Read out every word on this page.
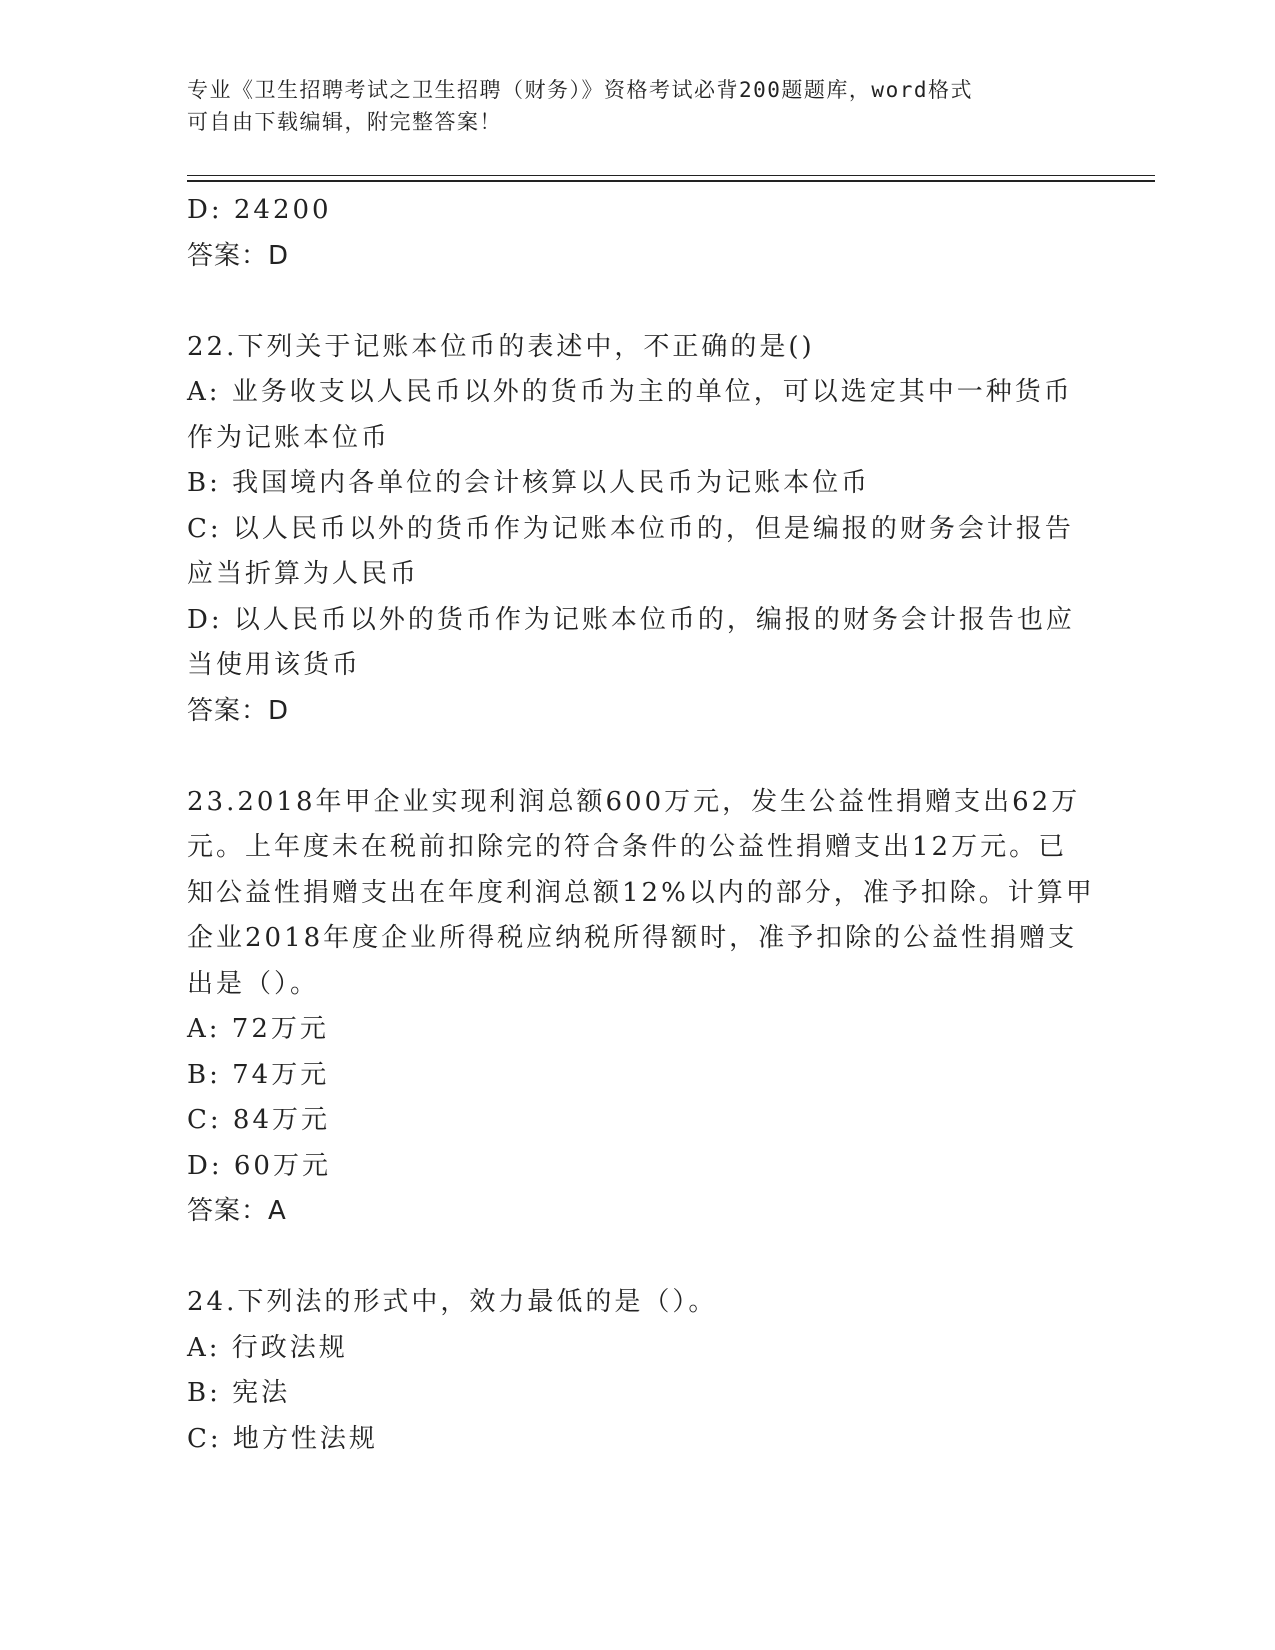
专业《卫生招聘考试之卫生招聘（财务）》资格考试必背200题题库，word格式
可自由下载编辑，附完整答案！
D: 24200
答案：D
22.下列关于记账本位币的表述中，不正确的是()
A: 业务收支以人民币以外的货币为主的单位，可以选定其中一种货币
作为记账本位币
B: 我国境内各单位的会计核算以人民币为记账本位币
C: 以人民币以外的货币作为记账本位币的，但是编报的财务会计报告
应当折算为人民币
D: 以人民币以外的货币作为记账本位币的，编报的财务会计报告也应
当使用该货币
答案：D
23.2018年甲企业实现利润总额600万元，发生公益性捐赠支出62万
元。上年度未在税前扣除完的符合条件的公益性捐赠支出12万元。已
知公益性捐赠支出在年度利润总额12%以内的部分，准予扣除。计算甲
企业2018年度企业所得税应纳税所得额时，准予扣除的公益性捐赠支
出是（）。
A: 72万元
B: 74万元
C: 84万元
D: 60万元
答案：A
24.下列法的形式中，效力最低的是（）。
A: 行政法规
B: 宪法
C: 地方性法规
